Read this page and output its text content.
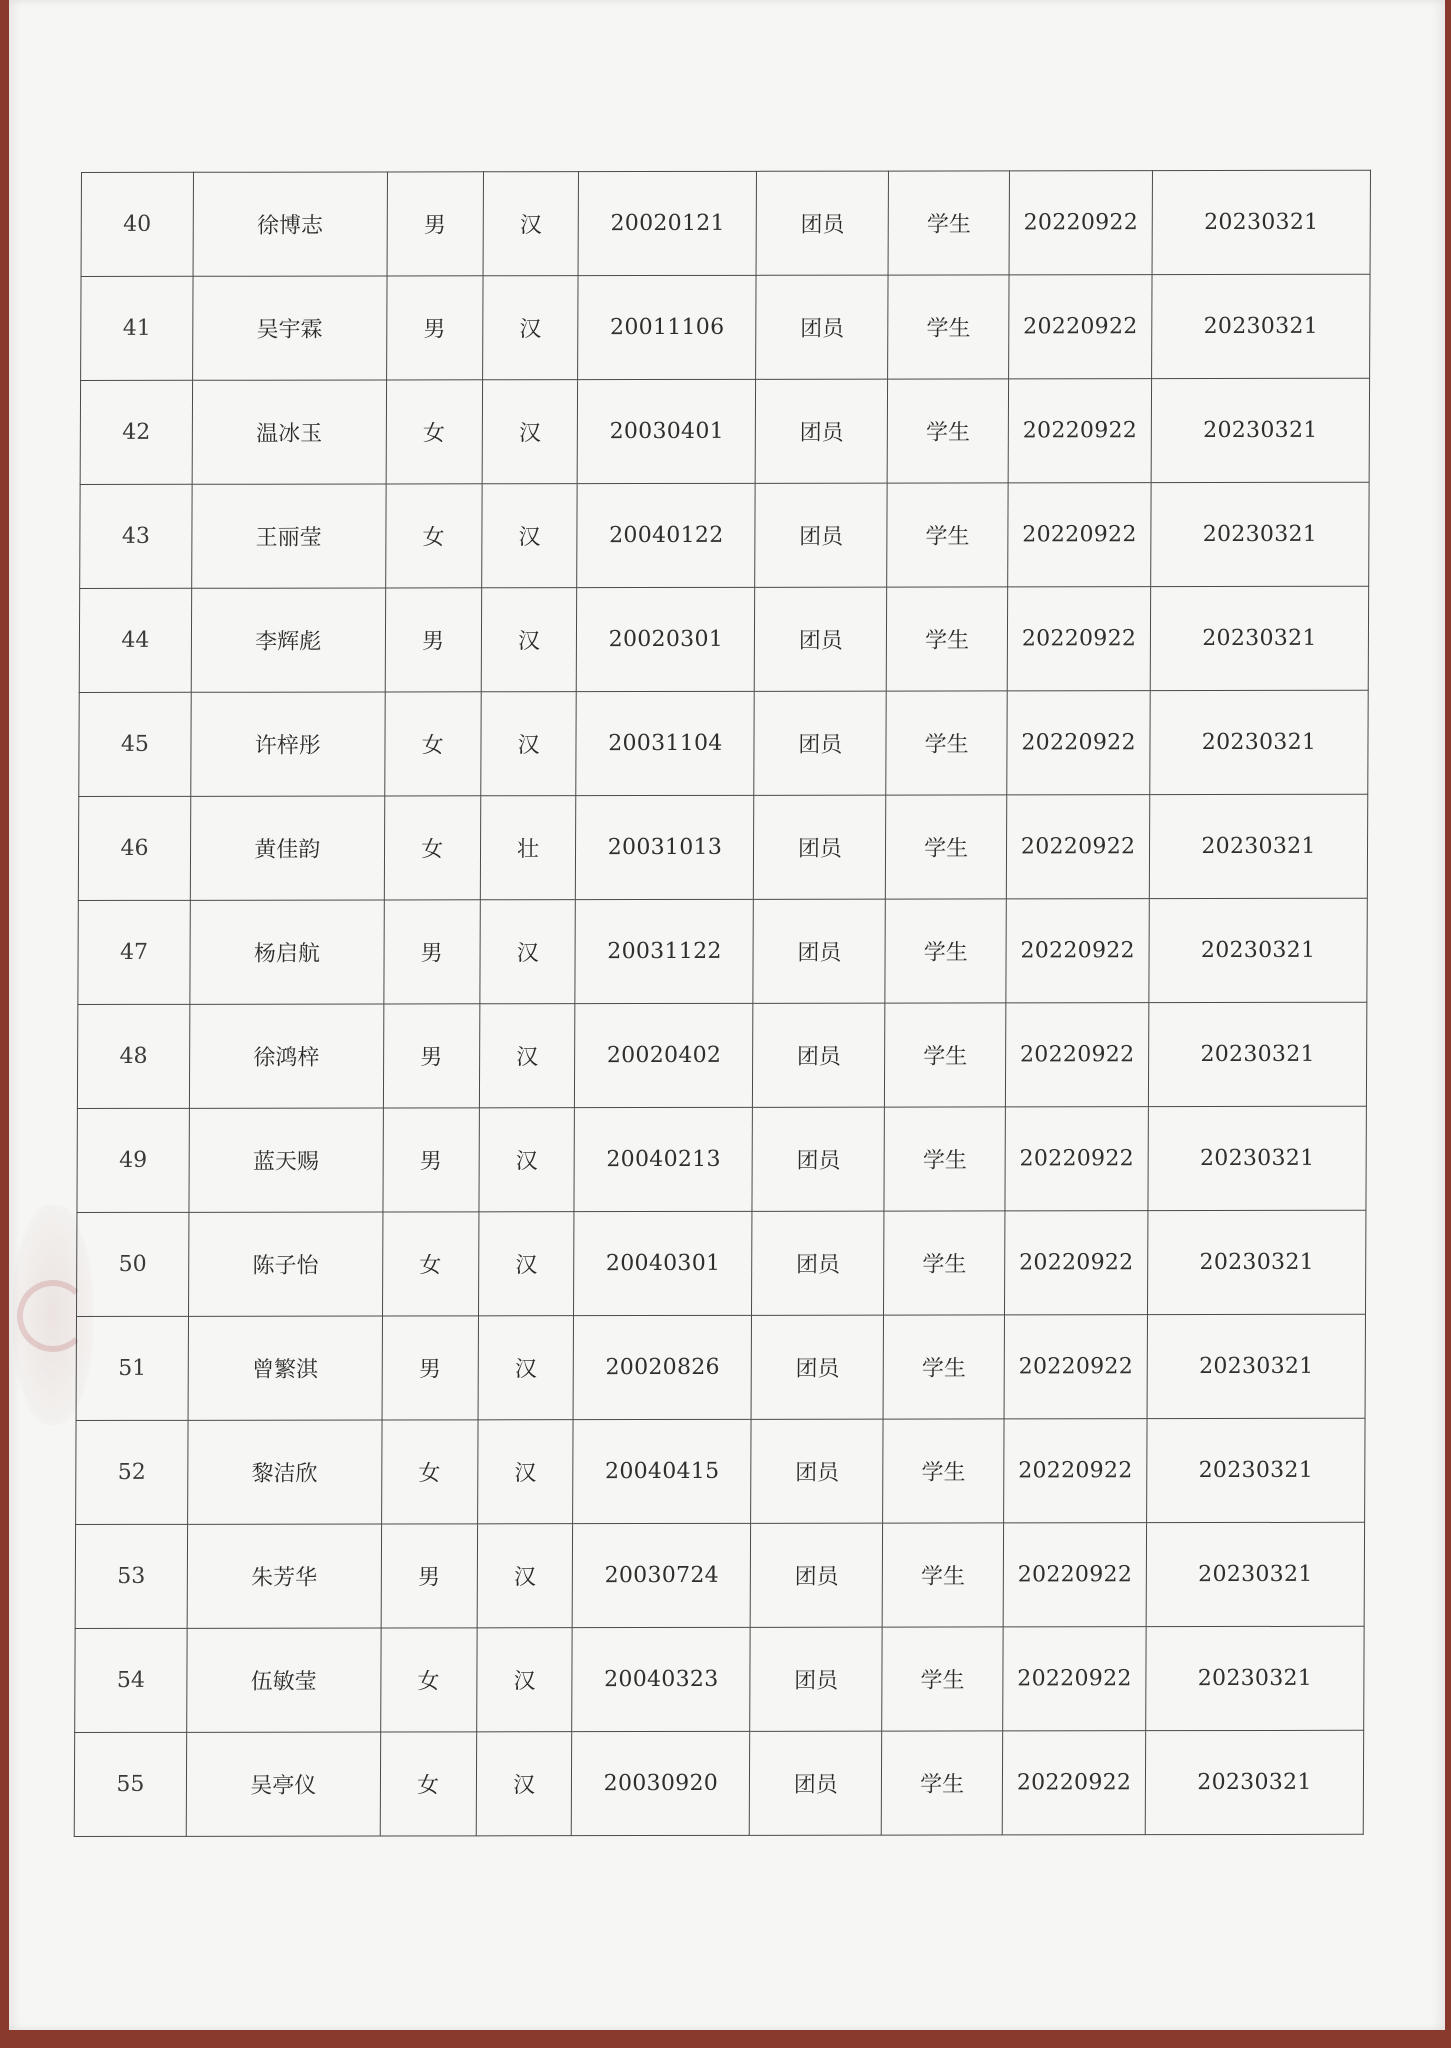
40	徐博志	男	汉	20020121	团员	学生	20220922	20230321
41	吴宇霖	男	汉	20011106	团员	学生	20220922	20230321
42	温冰玉	女	汉	20030401	团员	学生	20220922	20230321
43	王丽莹	女	汉	20040122	团员	学生	20220922	20230321
44	李辉彪	男	汉	20020301	团员	学生	20220922	20230321
45	许梓彤	女	汉	20031104	团员	学生	20220922	20230321
46	黄佳韵	女	壮	20031013	团员	学生	20220922	20230321
47	杨启航	男	汉	20031122	团员	学生	20220922	20230321
48	徐鸿梓	男	汉	20020402	团员	学生	20220922	20230321
49	蓝天赐	男	汉	20040213	团员	学生	20220922	20230321
50	陈子怡	女	汉	20040301	团员	学生	20220922	20230321
51	曾繁淇	男	汉	20020826	团员	学生	20220922	20230321
52	黎洁欣	女	汉	20040415	团员	学生	20220922	20230321
53	朱芳华	男	汉	20030724	团员	学生	20220922	20230321
54	伍敏莹	女	汉	20040323	团员	学生	20220922	20230321
55	吴亭仪	女	汉	20030920	团员	学生	20220922	20230321
